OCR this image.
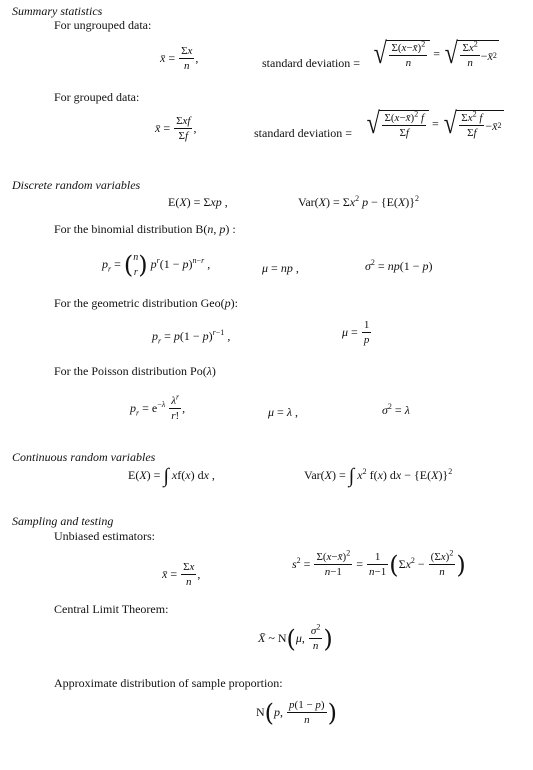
Summary statistics
For ungrouped data:
x̄ = $\frac{\Sigma x}{n}$ ,	standard deviation = √ $\frac{\Sigma(x-x̄)^2}{n}$ = √ $\frac{\Sigma x^2}{n}$ − x̄ 2
For grouped data:
x̄ = $\frac{\text{Σxf}}{\Sigma f}$ ,	standard deviation = √ $\frac{\Sigma(x-x̄)^2 f}{\Sigma f}$ = √ $\frac{\Sigma x^2 f}{\Sigma f}$ − x̄ 2
Discrete random variables
E(X) = Σxp ,	$Var(X) = \Sigma x^2$ $p - \{E(X)\}^2$
For the binomial distribution B(n, p) :
$p_r = (n$
r) $p^r(1 - p)^{n-r}$ ,	μ = np ,	$\sigma^2 = np(1 - p)$
For the geometric distribution Geo(p):
$p_r = p(1 - p)^{r-1}$ ,	$\mu = \frac{1}{p}$
For the Poisson distribution Po(λ)
$p_r = e^{-\lambda} \frac{\lambda^r}{r!}$ ,	μ = λ ,	$\sigma^2 = \lambda$
Continuous random variables
E(X) = ∫ xf(x) dx ,	Var(X) = ∫ $x^2$ f(x) dx − $\{E(X)\}^2$
Sampling and testing
Unbiased estimators:
x̄ = $\frac{\Sigma x}{n}$ ,
$s^2 = \frac{\Sigma(x-x̄)^2}{n-1} = \frac{1}{n-1} (\Sigma x^2 - \frac{(\Sigma x)^2}{n}$ )
Central Limit Theorem:
X̄ ~ N(μ, $\frac{\sigma^2}{n}$ )
Approximate distribution of sample proportion:
N(p, $\frac{p(1 - p)}{n}$ )
